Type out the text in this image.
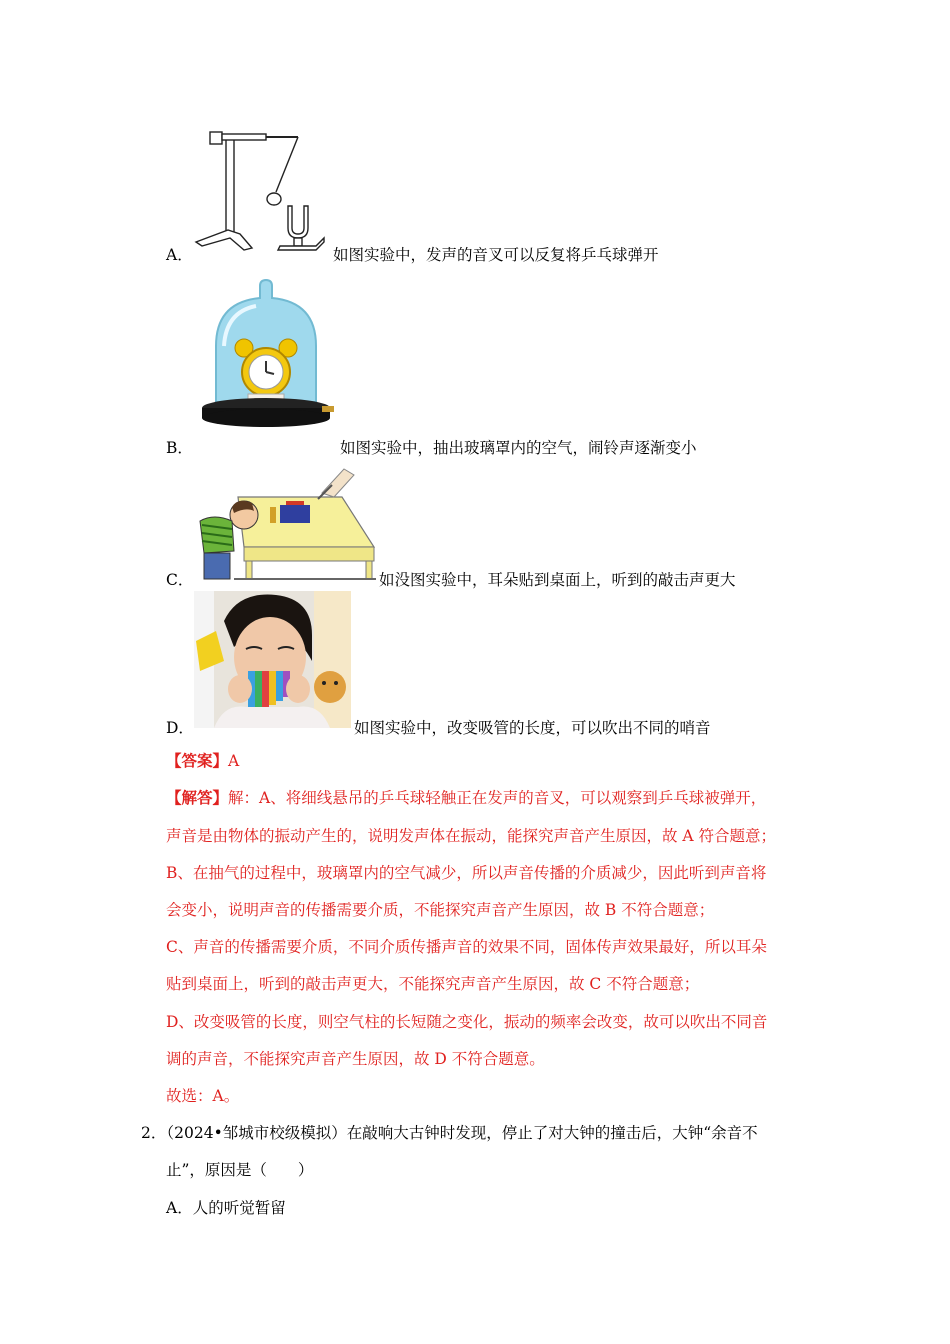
A．	如图实验中，发声的音叉可以反复将乒乓球弹开
B．	如图实验中，抽出玻璃罩内的空气，闹铃声逐渐变小
C．	如没图实验中，耳朵贴到桌面上，听到的敲击声更大
D．	如图实验中，改变吸管的长度，可以吹出不同的哨音
【答案】A
【解答】解：A、将细线悬吊的乒乓球轻触正在发声的音叉，可以观察到乒乓球被弹开，
声音是由物体的振动产生的，说明发声体在振动，能探究声音产生原因，故 A 符合题意；
B、在抽气的过程中，玻璃罩内的空气减少，所以声音传播的介质减少，因此听到声音将
会变小，说明声音的传播需要介质，不能探究声音产生原因，故 B 不符合题意；
C、声音的传播需要介质，不同介质传播声音的效果不同，固体传声效果最好，所以耳朵
贴到桌面上，听到的敲击声更大，不能探究声音产生原因，故 C 不符合题意；
D、改变吸管的长度，则空气柱的长短随之变化，振动的频率会改变，故可以吹出不同音
调的声音，不能探究声音产生原因，故 D 不符合题意。
故选：A。
2．（2024•邹城市校级模拟）在敲响大古钟时发现，停止了对大钟的撞击后，大钟“余音不
止”，原因是（　　）
A．人的听觉暂留
